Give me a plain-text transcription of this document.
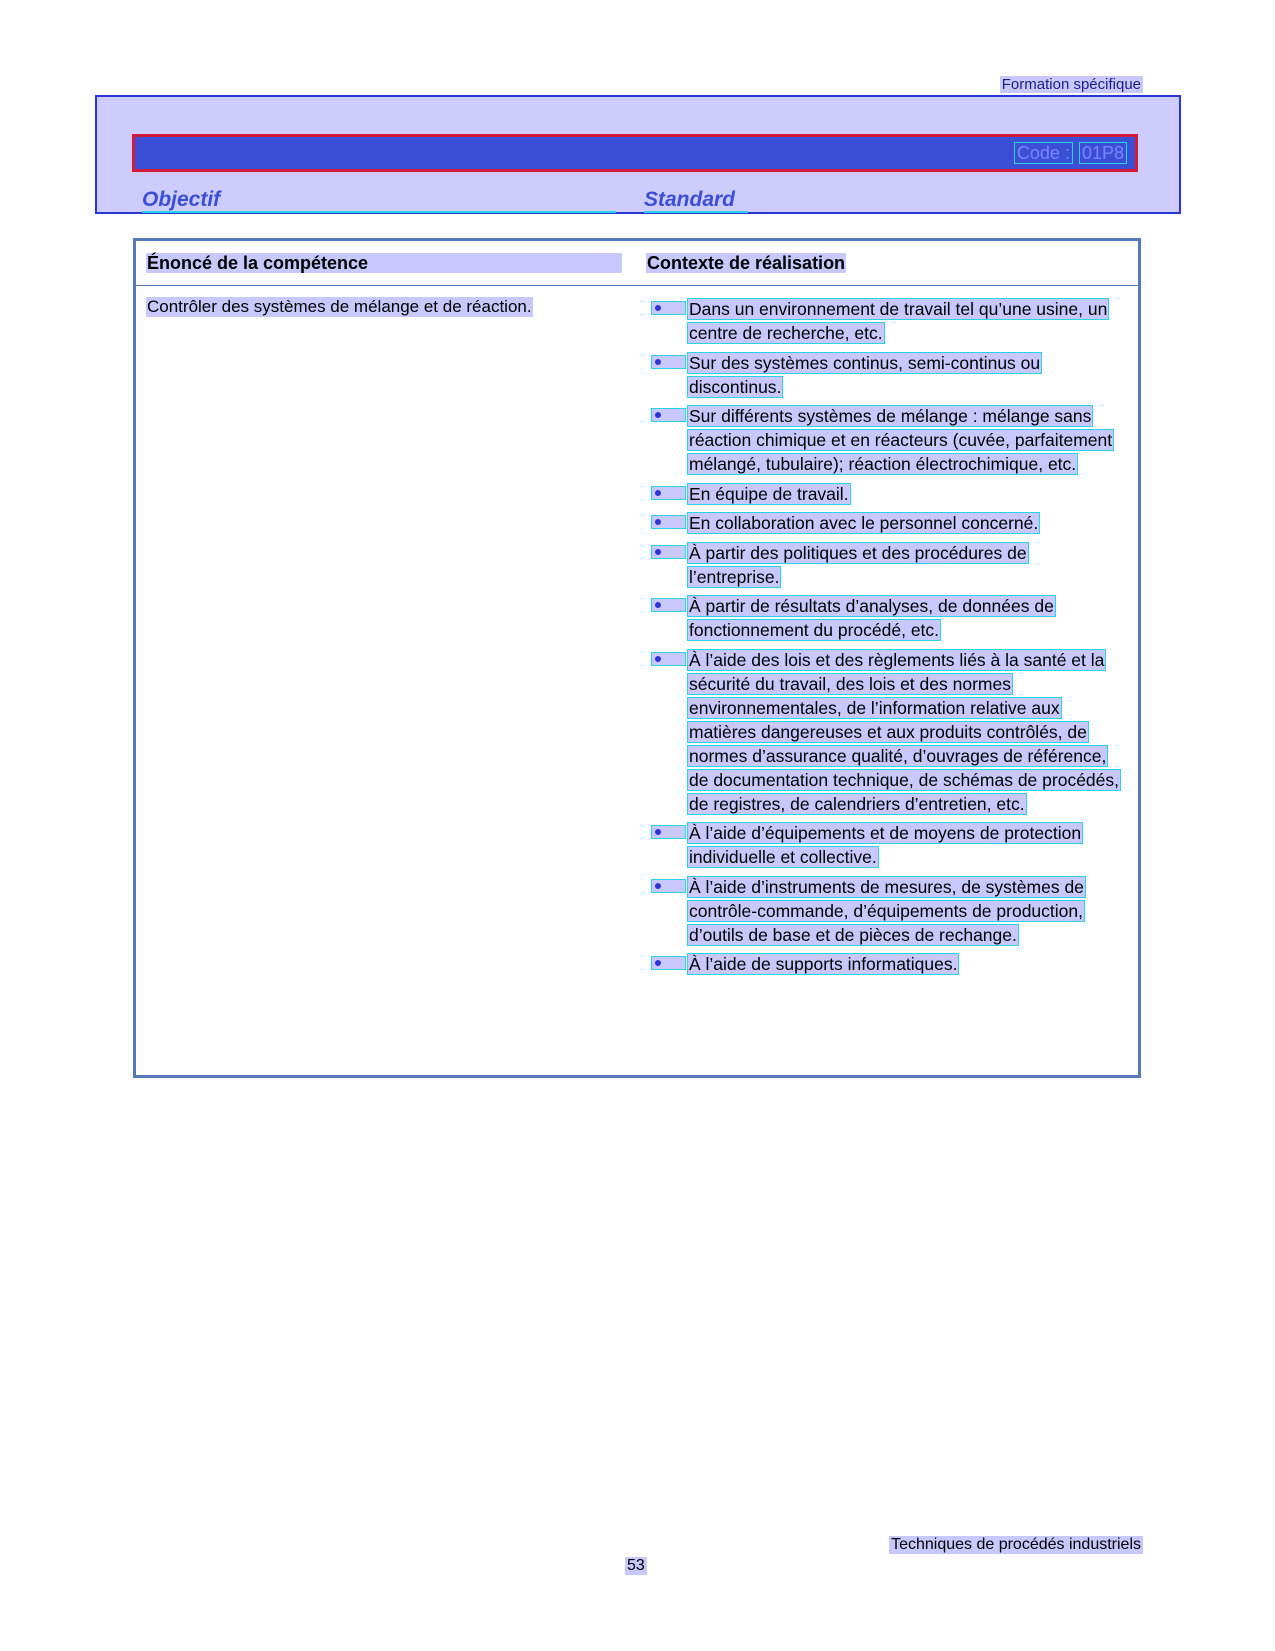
Formation spécifique
Code : 01P8
Objectif	Standard
Énoncé de la compétence	Contexte de réalisation
Contrôler des systèmes de mélange et de réaction.	Dans un environnement de travail tel qu’une usine, un centre de recherche, etc.
Sur des systèmes continus, semi-continus ou discontinus.
Sur différents systèmes de mélange : mélange sans réaction chimique et en réacteurs (cuvée, parfaitement mélangé, tubulaire); réaction électrochimique, etc.
En équipe de travail.
En collaboration avec le personnel concerné.
À partir des politiques et des procédures de l’entreprise.
À partir de résultats d’analyses, de données de fonctionnement du procédé, etc.
À l’aide des lois et des règlements liés à la santé et la sécurité du travail, des lois et des normes environnementales, de l’information relative aux matières dangereuses et aux produits contrôlés, de normes d’assurance qualité, d’ouvrages de référence, de documentation technique, de schémas de procédés, de registres, de calendriers d’entretien, etc.
À l’aide d’équipements et de moyens de protection individuelle et collective.
À l’aide d’instruments de mesures, de systèmes de contrôle-commande, d’équipements de production, d’outils de base et de pièces de rechange.
À l’aide de supports informatiques.
Techniques de procédés industriels
53
